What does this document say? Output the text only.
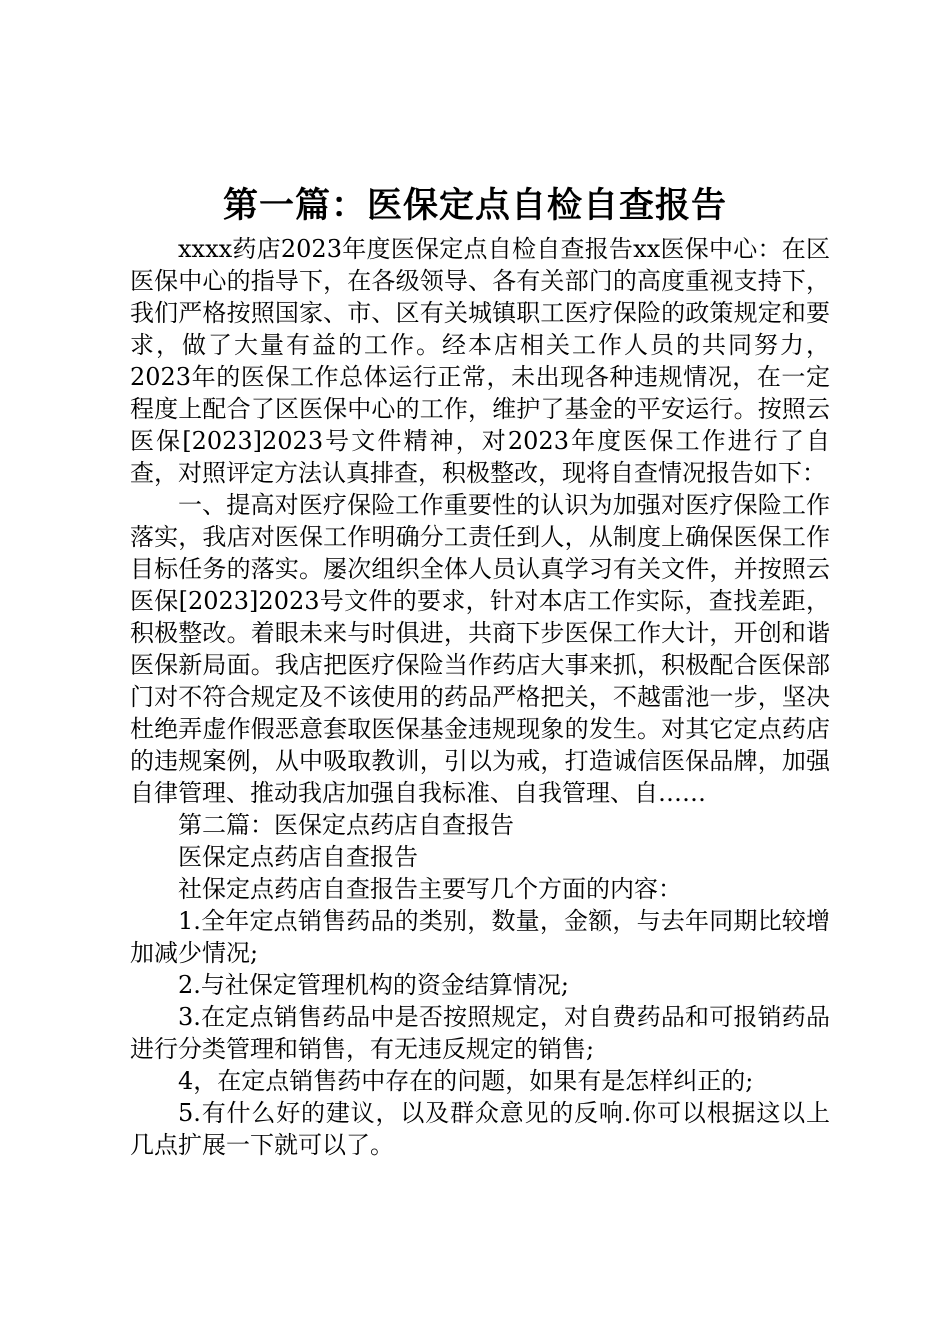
第一篇：医保定点自检自查报告

xxxx药店2023年度医保定点自检自查报告xx医保中心：在区医保中心的指导下，在各级领导、各有关部门的高度重视支持下，我们严格按照国家、市、区有关城镇职工医疗保险的政策规定和要求，做了大量有益的工作。经本店相关工作人员的共同努力，2023年的医保工作总体运行正常，未出现各种违规情况，在一定程度上配合了区医保中心的工作，维护了基金的平安运行。按照云医保[2023]2023号文件精神，对2023年度医保工作进行了自查，对照评定方法认真排查，积极整改，现将自查情况报告如下：

一、提高对医疗保险工作重要性的认识为加强对医疗保险工作落实，我店对医保工作明确分工责任到人，从制度上确保医保工作目标任务的落实。屡次组织全体人员认真学习有关文件，并按照云医保[2023]2023号文件的要求，针对本店工作实际，查找差距，积极整改。着眼未来与时俱进，共商下步医保工作大计，开创和谐医保新局面。我店把医疗保险当作药店大事来抓，积极配合医保部门对不符合规定及不该使用的药品严格把关，不越雷池一步，坚决杜绝弄虚作假恶意套取医保基金违规现象的发生。对其它定点药店的违规案例，从中吸取教训，引以为戒，打造诚信医保品牌，加强自律管理、推动我店加强自我标准、自我管理、自……

第二篇：医保定点药店自查报告

医保定点药店自查报告

社保定点药店自查报告主要写几个方面的内容：

1.全年定点销售药品的类别，数量，金额，与去年同期比较增加减少情况;

2.与社保定管理机构的资金结算情况;

3.在定点销售药品中是否按照规定，对自费药品和可报销药品进行分类管理和销售，有无违反规定的销售;

4，在定点销售药中存在的问题，如果有是怎样纠正的;

5.有什么好的建议，以及群众意见的反响.你可以根据这以上几点扩展一下就可以了。
